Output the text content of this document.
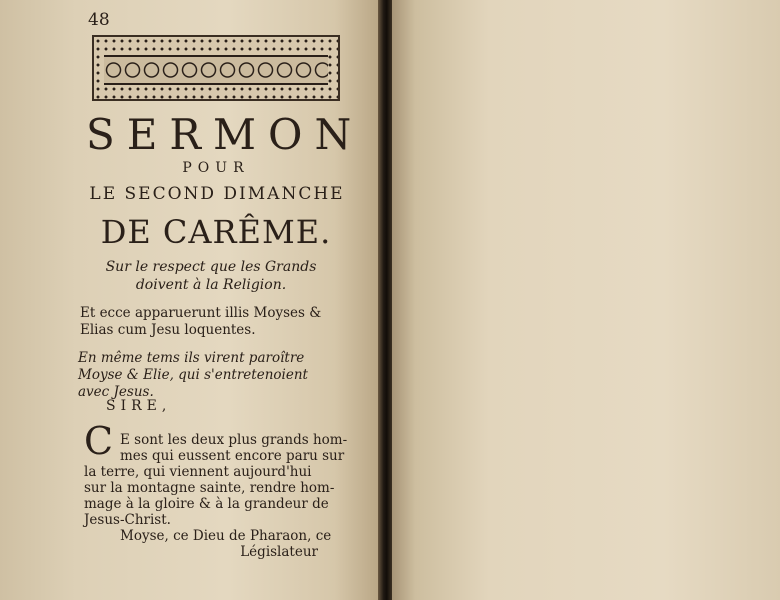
48
SERMON
POUR
LE SECOND DIMANCHE
DE CARÊME.
Sur le respect que les Grands doivent à la Religion.
Et ecce apparuerunt illis Moyses & Elias cum Jesu loquentes.
En même tems ils virent paroître Moyse & Elie, qui s'entretenoient avec Jesus.
SIRE,
C E sont les deux plus grands hom-
mes qui eussent encore paru sur
la terre, qui viennent aujourd'hui
sur la montagne sainte, rendre hom-
mage à la gloire & à la grandeur de
Jesus-Christ.
Moyse, ce Dieu de Pharaon, ce
Législateur
